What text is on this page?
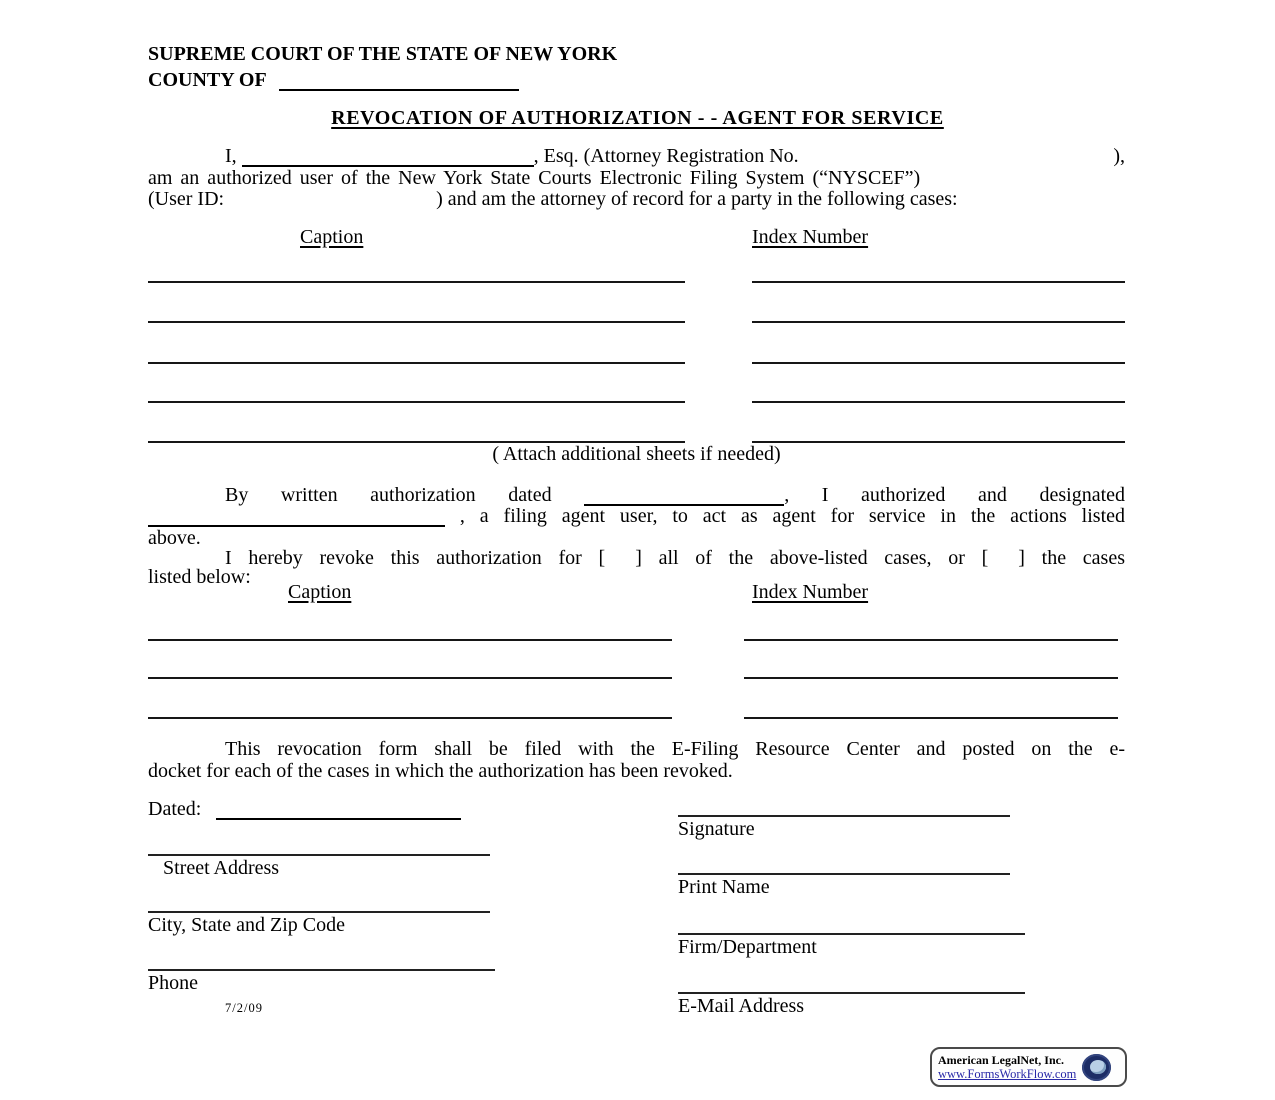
SUPREME COURT OF THE STATE OF NEW YORK
COUNTY OF
REVOCATION OF AUTHORIZATION - - AGENT FOR SERVICE
I,	, Esq. (Attorney Registration No.	),
am an authorized user of the New York State Courts Electronic Filing System (“NYSCEF”)
(User ID:	) and am the attorney of record for a party in the following cases:
Caption	Index Number
( Attach additional sheets if needed)
By written authorization dated	, I authorized and designated
, a filing agent user, to act as agent for service in the actions listed
above.
I hereby revoke this authorization for [ ] all of the above-listed cases, or [ ] the cases
listed below:
Caption	Index Number
This revocation form shall be filed with the E-Filing Resource Center and posted on the e-
docket for each of the cases in which the authorization has been revoked.
Dated:
Street Address
City, State and Zip Code
Phone
7/2/09
Signature
Print Name
Firm/Department
E-Mail Address
American LegalNet, Inc.
www.FormsWorkFlow.com
